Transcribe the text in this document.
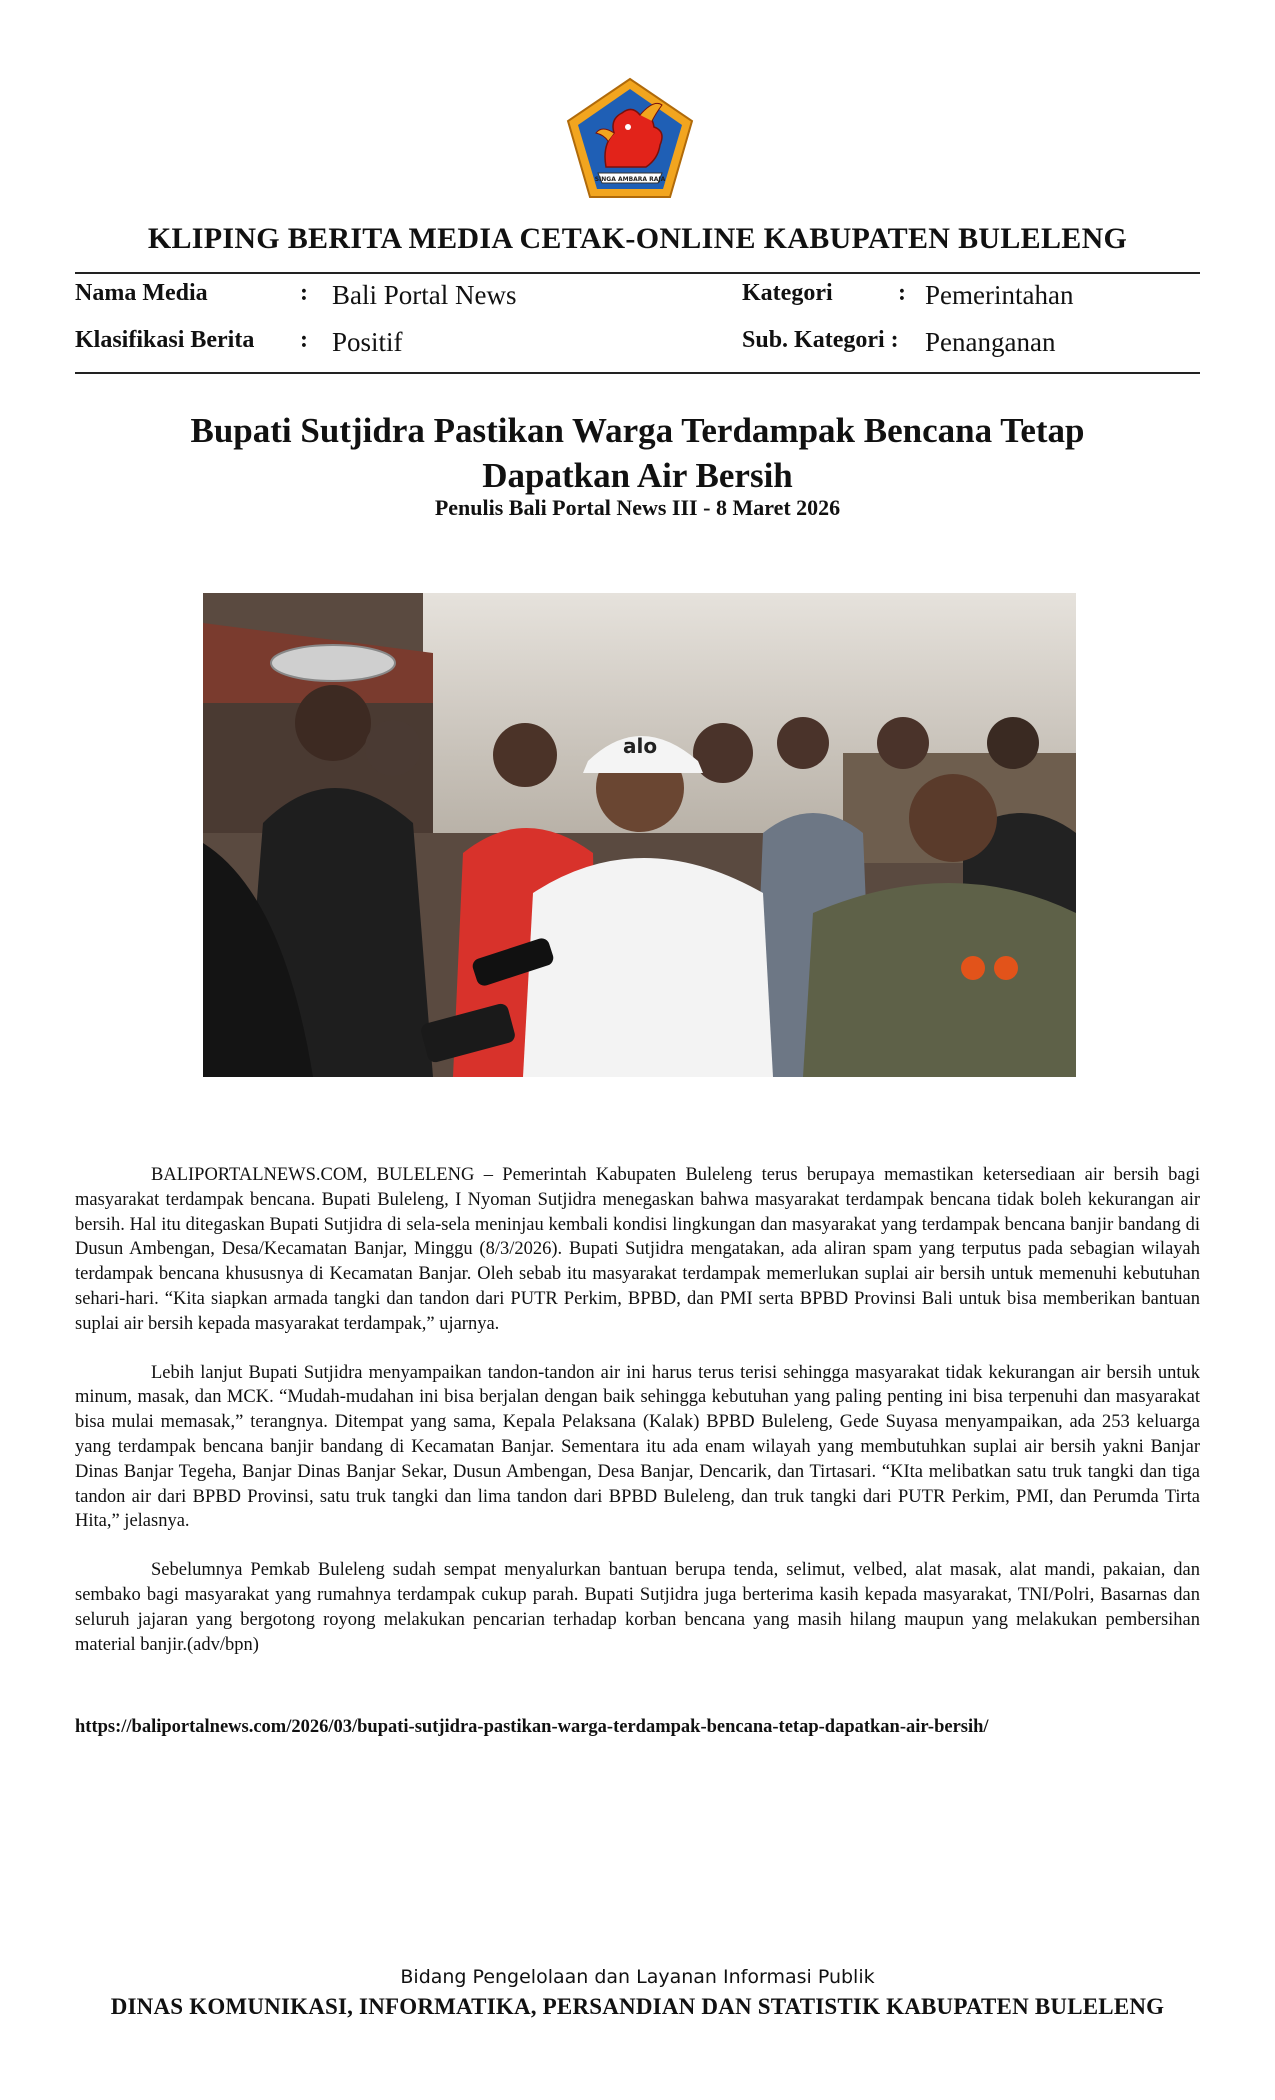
SINGA AMBARA RAJA
KLIPING BERITA MEDIA CETAK-ONLINE KABUPATEN BULELENG
Nama Media	: Bali Portal News	Kategori	: Pemerintahan
Klasifikasi Berita : Positif	Sub. Kategori : Penanganan
Bupati Sutjidra Pastikan Warga Terdampak Bencana Tetap
Dapatkan Air Bersih
Penulis Bali Portal News III - 8 Maret 2026
alo

BALIPORTALNEWS.COM, BULELENG – Pemerintah Kabupaten Buleleng terus berupaya memastikan ketersediaan air bersih bagi masyarakat terdampak bencana. Bupati Buleleng, I Nyoman Sutjidra menegaskan bahwa masyarakat terdampak bencana tidak boleh kekurangan air bersih. Hal itu ditegaskan Bupati Sutjidra di sela-sela meninjau kembali kondisi lingkungan dan masyarakat yang terdampak bencana banjir bandang di Dusun Ambengan, Desa/Kecamatan Banjar, Minggu (8/3/2026). Bupati Sutjidra mengatakan, ada aliran spam yang terputus pada sebagian wilayah terdampak bencana khususnya di Kecamatan Banjar. Oleh sebab itu masyarakat terdampak memerlukan suplai air bersih untuk memenuhi kebutuhan sehari-hari. “Kita siapkan armada tangki dan tandon dari PUTR Perkim, BPBD, dan PMI serta BPBD Provinsi Bali untuk bisa memberikan bantuan suplai air bersih kepada masyarakat terdampak,” ujarnya.

Lebih lanjut Bupati Sutjidra menyampaikan tandon-tandon air ini harus terus terisi sehingga masyarakat tidak kekurangan air bersih untuk minum, masak, dan MCK. “Mudah-mudahan ini bisa berjalan dengan baik sehingga kebutuhan yang paling penting ini bisa terpenuhi dan masyarakat bisa mulai memasak,” terangnya. Ditempat yang sama, Kepala Pelaksana (Kalak) BPBD Buleleng, Gede Suyasa menyampaikan, ada 253 keluarga yang terdampak bencana banjir bandang di Kecamatan Banjar. Sementara itu ada enam wilayah yang membutuhkan suplai air bersih yakni Banjar Dinas Banjar Tegeha, Banjar Dinas Banjar Sekar, Dusun Ambengan, Desa Banjar, Dencarik, dan Tirtasari. “KIta melibatkan satu truk tangki dan tiga tandon air dari BPBD Provinsi, satu truk tangki dan lima tandon dari BPBD Buleleng, dan truk tangki dari PUTR Perkim, PMI, dan Perumda Tirta Hita,” jelasnya.

Sebelumnya Pemkab Buleleng sudah sempat menyalurkan bantuan berupa tenda, selimut, velbed, alat masak, alat mandi, pakaian, dan sembako bagi masyarakat yang rumahnya terdampak cukup parah. Bupati Sutjidra juga berterima kasih kepada masyarakat, TNI/Polri, Basarnas dan seluruh jajaran yang bergotong royong melakukan pencarian terhadap korban bencana yang masih hilang maupun yang melakukan pembersihan material banjir.(adv/bpn)

https://baliportalnews.com/2026/03/bupati-sutjidra-pastikan-warga-terdampak-bencana-tetap-dapatkan-air-bersih/
Bidang Pengelolaan dan Layanan Informasi Publik
DINAS KOMUNIKASI, INFORMATIKA, PERSANDIAN DAN STATISTIK KABUPATEN BULELENG
